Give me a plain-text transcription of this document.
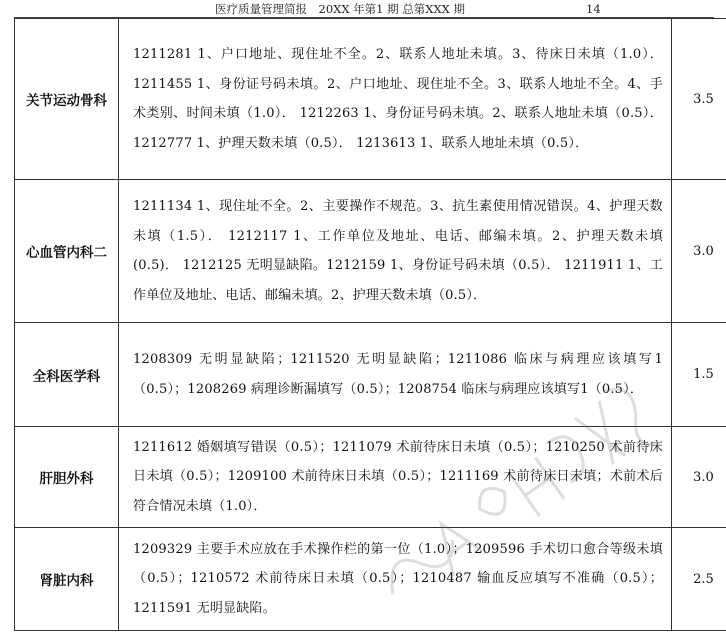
医疗质量管理简报　20XX 年第1 期 总第XXX 期	14
关节运动骨科	1211281 1、户口地址、现住址不全。2、联系人地址未填。3、待床日未填（1.0）． 1211455 1、身份证号码未填。2、户口地址、现住址不全。3、联系人地址不全。4、手术类别、时间未填（1.0）． 1212263 1、身份证号码未填。2、联系人地址未填（0.5）． 1212777 1、护理天数未填（0.5）． 1213613 1、联系人地址未填（0.5）．	3.5
心血管内科二	1211134 1、现住址不全。2、主要操作不规范。3、抗生素使用情况错误。4、护理天数未填（1.5）． 1212117 1、工作单位及地址、电话、邮编未填。2、护理天数未填 (0.5)． 1212125 无明显缺陷。1212159 1、身份证号码未填（0.5）． 1211911 1、工作单位及地址、电话、邮编未填。2、护理天数未填（0.5）．	3.0
全科医学科	1208309 无明显缺陷；1211520 无明显缺陷；1211086 临床与病理应该填写1（0.5）；1208269 病理诊断漏填写（0.5）；1208754 临床与病理应该填写1（0.5）．	1.5
肝胆外科	1211612 婚姻填写错误（0.5）；1211079 术前待床日未填（0.5）；1210250 术前待床日未填（0.5）；1209100 术前待床日未填（0.5）；1211169 术前待床日未填；术前术后符合情况未填（1.0）．	3.0
肾脏内科	1209329 主要手术应放在手术操作栏的第一位（1.0）；1209596 手术切口愈合等级未填（0.5）；1210572 术前待床日未填（0.5）；1210487 输血反应填写不准确（0.5）；1211591 无明显缺陷。	2.5
